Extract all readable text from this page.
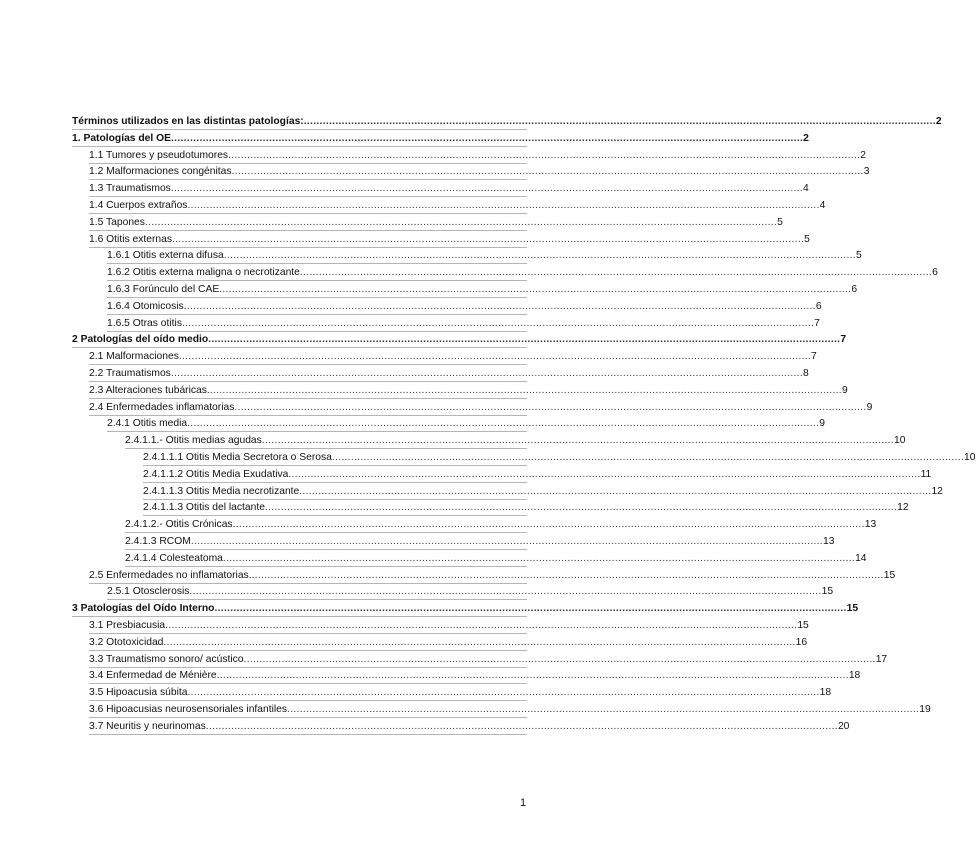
Términos utilizados en las distintas patologías: ........................................................................................................................................................................................................ 2
1. Patologías del OE ........................................................................................................................................................................................................ 2
1.1 Tumores y pseudotumores ........................................................................................................................................................................................................ 2
1.2 Malformaciones congénitas ........................................................................................................................................................................................................ 3
1.3 Traumatismos ........................................................................................................................................................................................................ 4
1.4 Cuerpos extraños ........................................................................................................................................................................................................ 4
1.5 Tapones ........................................................................................................................................................................................................ 5
1.6 Otitis externas ........................................................................................................................................................................................................ 5
1.6.1 Otitis externa difusa ........................................................................................................................................................................................................ 5
1.6.2 Otitis externa maligna o necrotizante ........................................................................................................................................................................................................ 6
1.6.3 Forúnculo del CAE ........................................................................................................................................................................................................ 6
1.6.4 Otomicosis ........................................................................................................................................................................................................ 6
1.6.5 Otras otitis ........................................................................................................................................................................................................ 7
2 Patologías del oído medio ........................................................................................................................................................................................................ 7
2.1 Malformaciones ........................................................................................................................................................................................................ 7
2.2 Traumatismos ........................................................................................................................................................................................................ 8
2.3 Alteraciones tubáricas. ........................................................................................................................................................................................................ 9
2.4 Enfermedades inflamatorias ........................................................................................................................................................................................................ 9
2.4.1 Otitis media ........................................................................................................................................................................................................ 9
2.4.1.1.- Otitis medias agudas ........................................................................................................................................................................................................ 10
2.4.1.1.1 Otitis Media Secretora o Serosa ........................................................................................................................................................................................................ 10
2.4.1.1.2 Otitis Media Exudativa ........................................................................................................................................................................................................ 11
2.4.1.1.3 Otitis Media necrotizante ........................................................................................................................................................................................................ 12
2.4.1.1.3 Otitis del lactante ........................................................................................................................................................................................................ 12
2.4.1.2.- Otitis Crónicas ........................................................................................................................................................................................................ 13
2.4.1.3 RCOM ........................................................................................................................................................................................................ 13
2.4.1.4 Colesteatoma ........................................................................................................................................................................................................ 14
2.5 Enfermedades no inflamatorias. ........................................................................................................................................................................................................ 15
2.5.1 Otosclerosis ........................................................................................................................................................................................................ 15
3 Patologías del Oído Interno ........................................................................................................................................................................................................ 15
3.1 Presbiacusia ........................................................................................................................................................................................................ 15
3.2 Ototoxicidad ........................................................................................................................................................................................................ 16
3.3 Traumatismo sonoro/ acústico ........................................................................................................................................................................................................ 17
3.4 Enfermedad de Ménière ........................................................................................................................................................................................................ 18
3.5 Hipoacusia súbita ........................................................................................................................................................................................................ 18
3.6 Hipoacusias neurosensoriales infantiles ........................................................................................................................................................................................................ 19
3.7 Neuritis y neurinomas ........................................................................................................................................................................................................ 20
1
